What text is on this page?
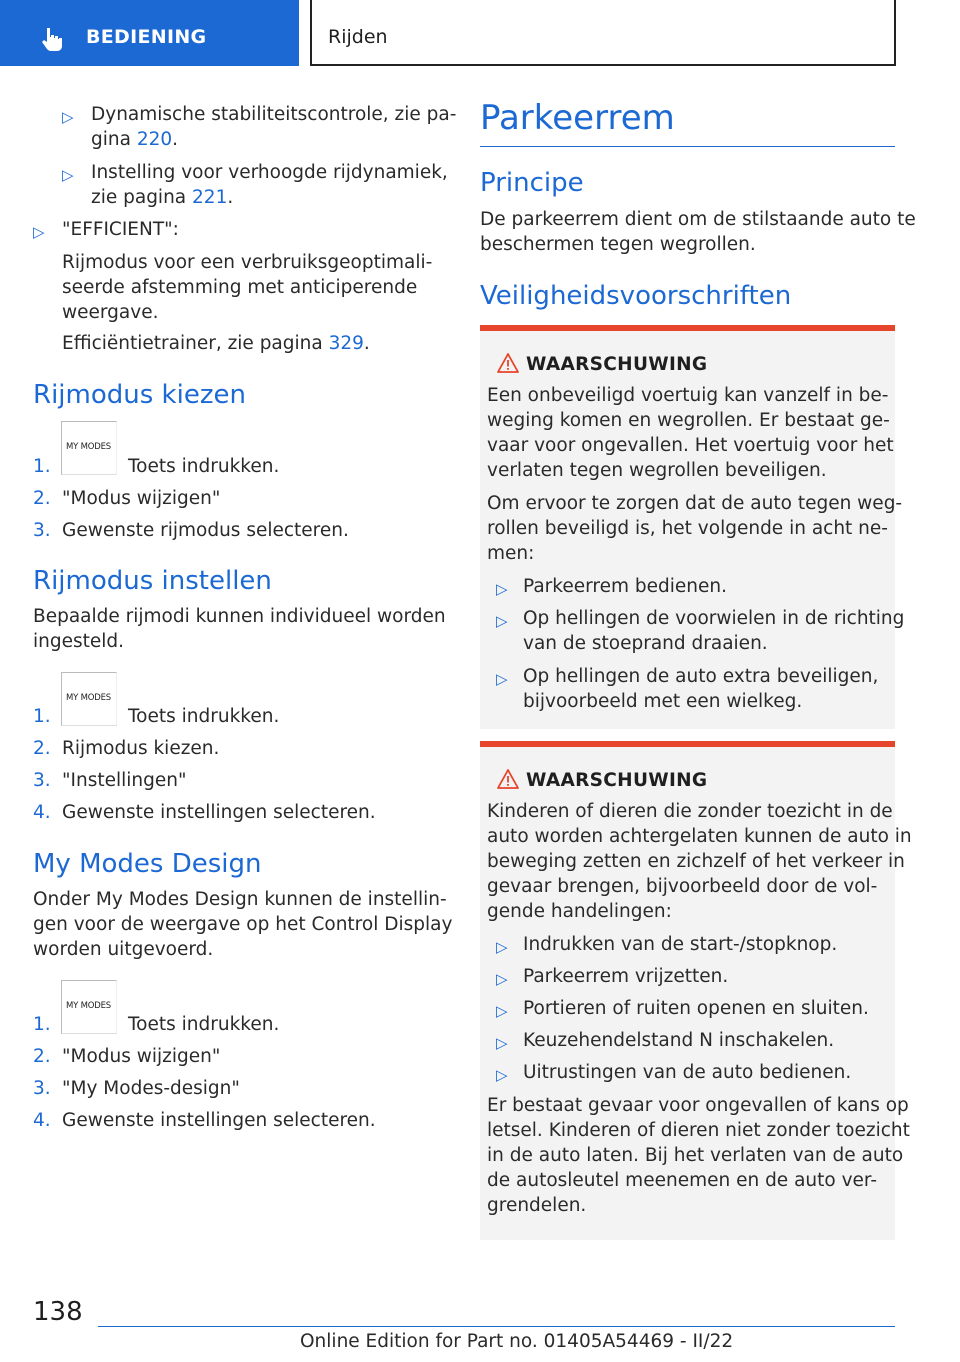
BEDIENING	Rijden
▷ Dynamische stabiliteitscontrole, zie pa-
gina 220.
▷ Instelling voor verhoogde rijdynamiek,
zie pagina 221.
▷ "EFFICIENT":
Rijmodus voor een verbruiksgeoptimali-
seerde afstemming met anticiperende
weergave.
Efficiëntietrainer, zie pagina 329.
Rijmodus kiezen
1.
MY MODES
Toets indrukken.
2. "Modus wijzigen"
3. Gewenste rijmodus selecteren.
Rijmodus instellen
Bepaalde rijmodi kunnen individueel worden
ingesteld.
1.
MY MODES
Toets indrukken.
2. Rijmodus kiezen.
3. "Instellingen"
4. Gewenste instellingen selecteren.
My Modes Design
Onder My Modes Design kunnen de instellin-
gen voor de weergave op het Control Display
worden uitgevoerd.
1.
MY MODES
Toets indrukken.
2. "Modus wijzigen"
3. "My Modes-design"
4. Gewenste instellingen selecteren.
Parkeerrem
Principe
De parkeerrem dient om de stilstaande auto te
beschermen tegen wegrollen.
Veiligheidsvoorschriften
WAARSCHUWING
Een onbeveiligd voertuig kan vanzelf in be-
weging komen en wegrollen. Er bestaat ge-
vaar voor ongevallen. Het voertuig voor het
verlaten tegen wegrollen beveiligen.
Om ervoor te zorgen dat de auto tegen weg-
rollen beveiligd is, het volgende in acht ne-
men:
▷ Parkeerrem bedienen.
▷ Op hellingen de voorwielen in de richting
van de stoeprand draaien.
▷ Op hellingen de auto extra beveiligen,
bijvoorbeeld met een wielkeg.
WAARSCHUWING
Kinderen of dieren die zonder toezicht in de
auto worden achtergelaten kunnen de auto in
beweging zetten en zichzelf of het verkeer in
gevaar brengen, bijvoorbeeld door de vol-
gende handelingen:
▷ Indrukken van de start-/stopknop.
▷ Parkeerrem vrijzetten.
▷ Portieren of ruiten openen en sluiten.
▷ Keuzehendelstand N inschakelen.
▷ Uitrustingen van de auto bedienen.
Er bestaat gevaar voor ongevallen of kans op
letsel. Kinderen of dieren niet zonder toezicht
in de auto laten. Bij het verlaten van de auto
de autosleutel meenemen en de auto ver-
grendelen.
138
Online Edition for Part no. 01405A54469 - II/22
